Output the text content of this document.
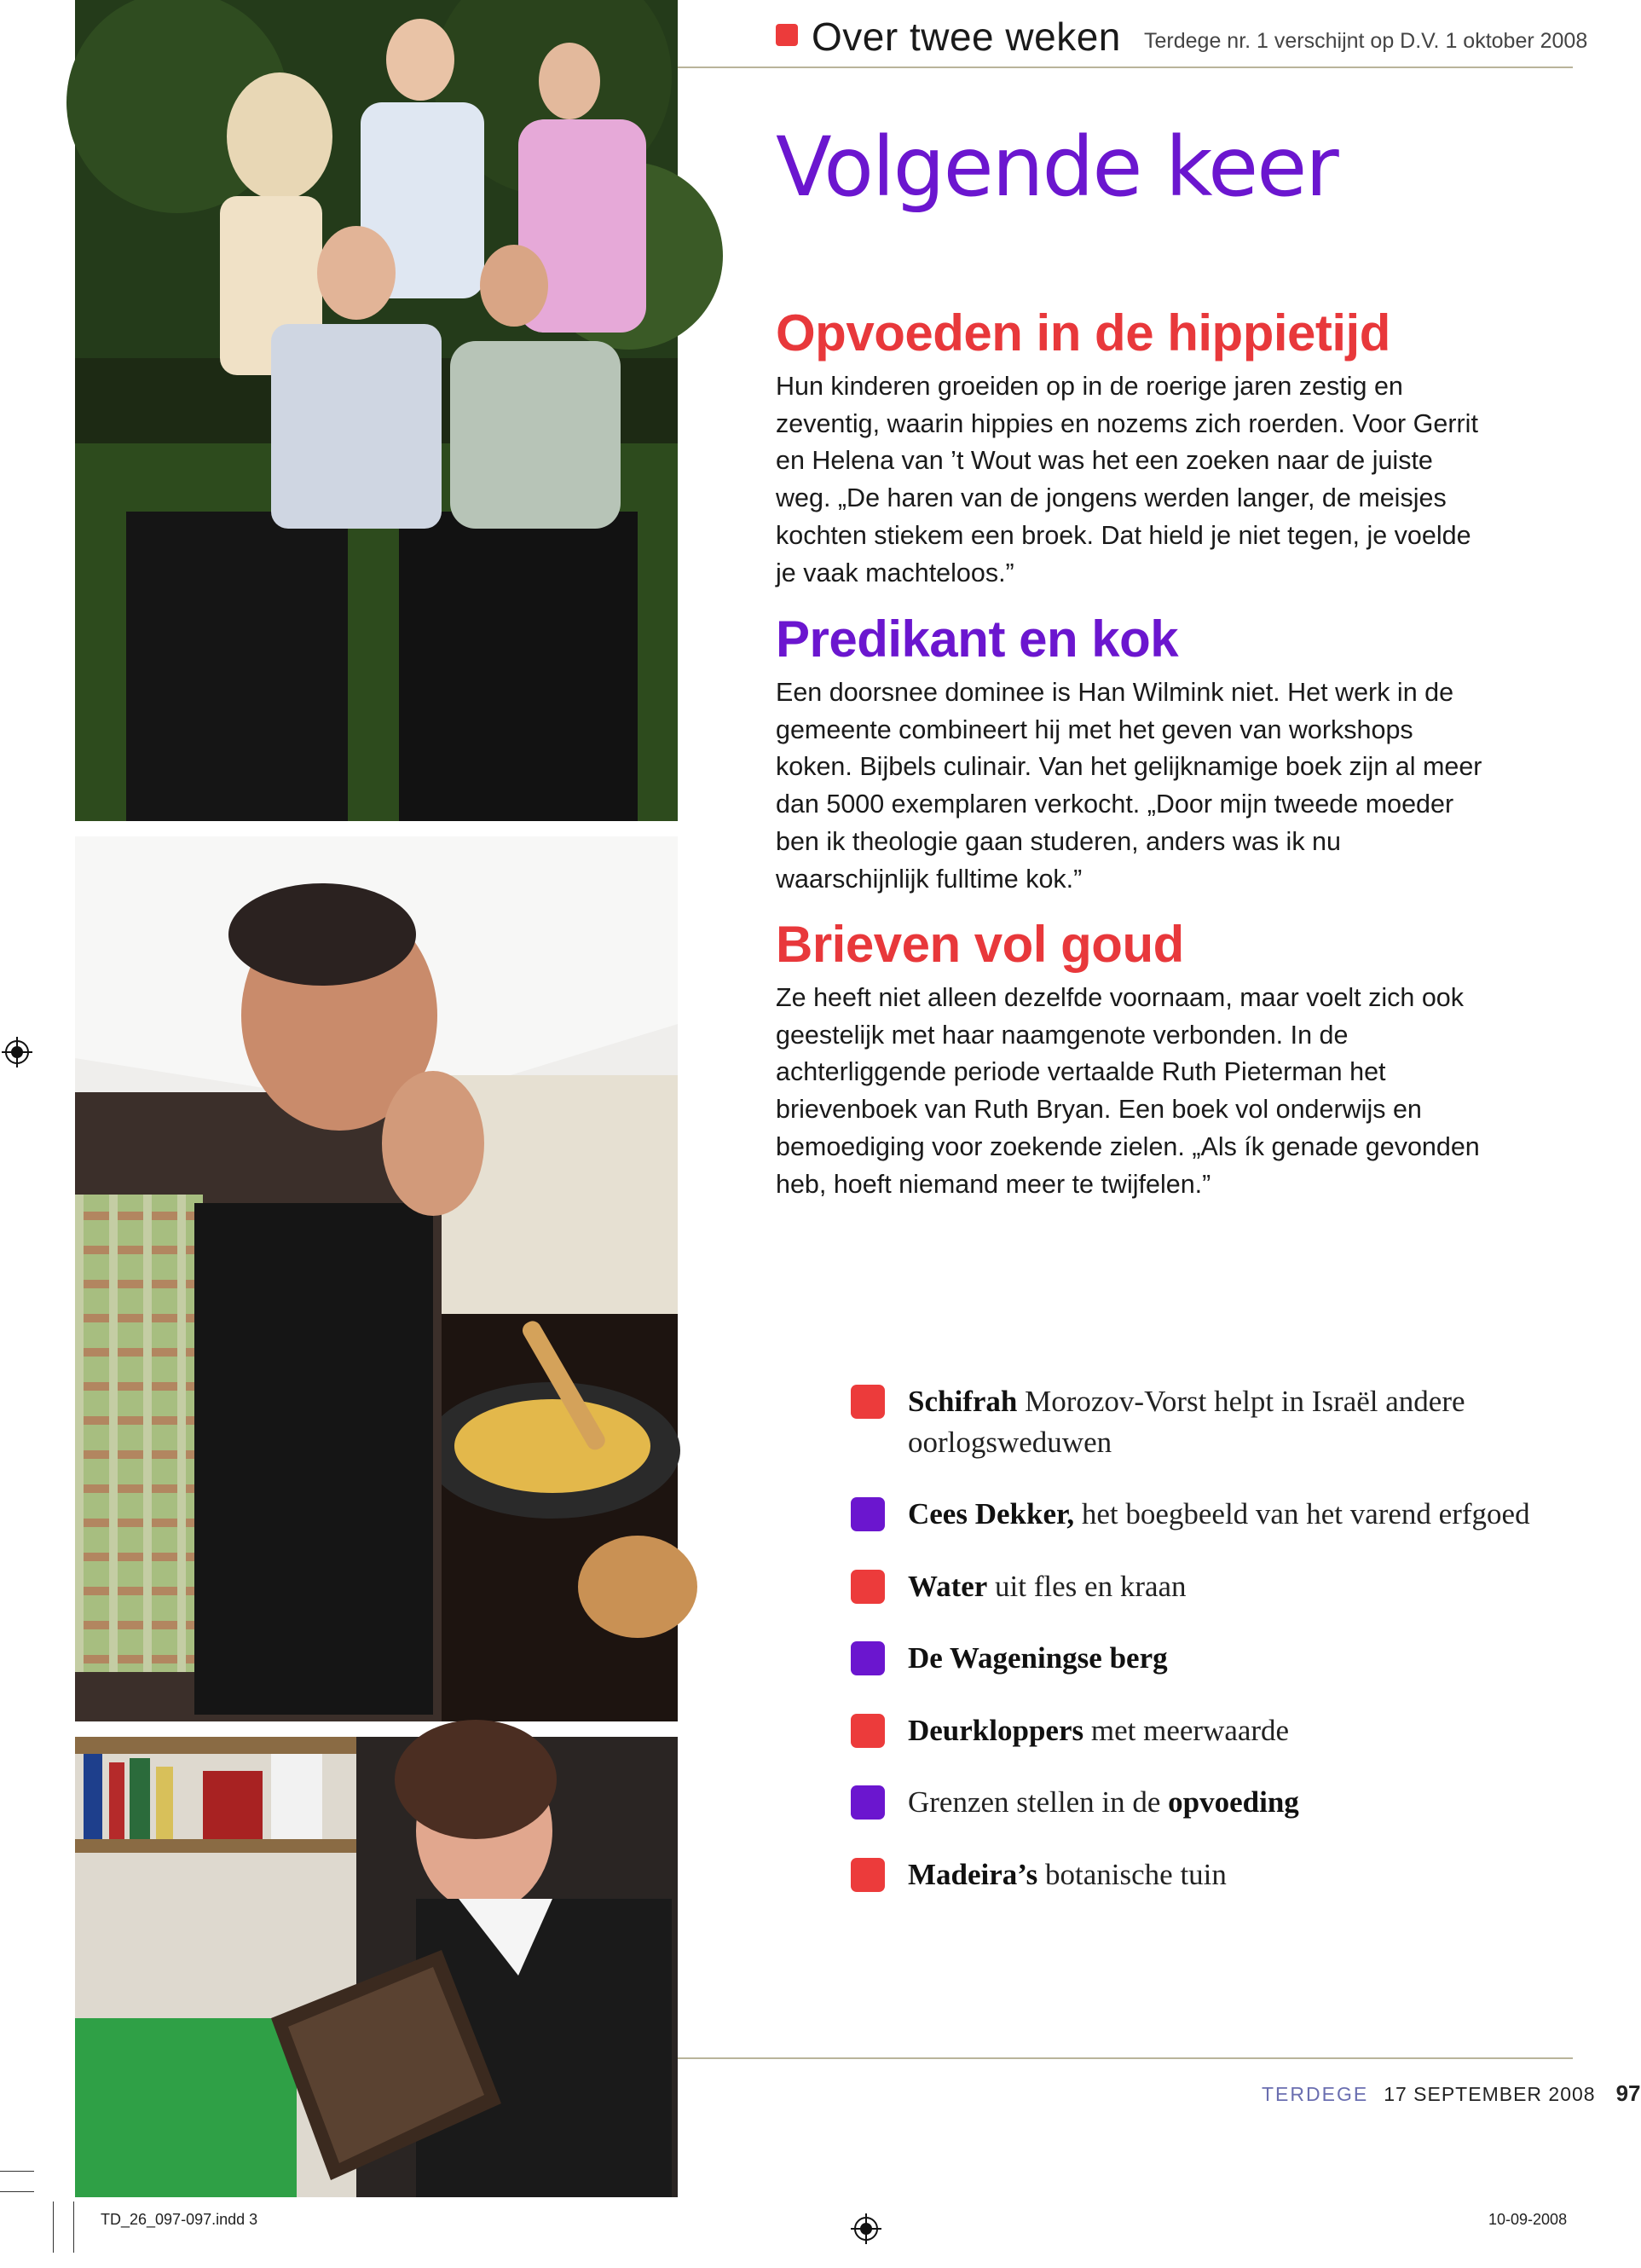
Over twee weken Terdege nr. 1 verschijnt op D.V. 1 oktober 2008
Volgende keer
Opvoeden in de hippietijd

Hun kinderen groeiden op in de roerige jaren zestig en zeventig, waarin hippies en nozems zich roerden. Voor Gerrit en Helena van ’t Wout was het een zoeken naar de juiste weg. „De haren van de jongens werden langer, de meisjes kochten stiekem een broek. Dat hield je niet tegen, je voelde je vaak machteloos.”

Predikant en kok

Een doorsnee dominee is Han Wilmink niet. Het werk in de gemeente combineert hij met het geven van workshops koken. Bijbels culinair. Van het gelijknamige boek zijn al meer dan 5000 exemplaren verkocht. „Door mijn tweede moeder ben ik theologie gaan studeren, anders was ik nu waarschijnlijk fulltime kok.”

Brieven vol goud

Ze heeft niet alleen dezelfde voornaam, maar voelt zich ook geestelijk met haar naamgenote verbonden. In de achterliggende periode vertaalde Ruth Pieterman het brievenboek van Ruth Bryan. Een boek vol onderwijs en bemoediging voor zoekende zielen. „Als ík genade gevonden heb, hoeft niemand meer te twijfelen.”

Schifrah Morozov-Vorst helpt in Israël andere oorlogsweduwen
Cees Dekker, het boegbeeld van het varend erfgoed
Water uit fles en kraan
De Wageningse berg
Deurkloppers met meerwaarde
Grenzen stellen in de opvoeding
Madeira’s botanische tuin
TERDEGE 17 SEPTEMBER 2008 97
TD_26_097-097.indd 3	10-09-2008
